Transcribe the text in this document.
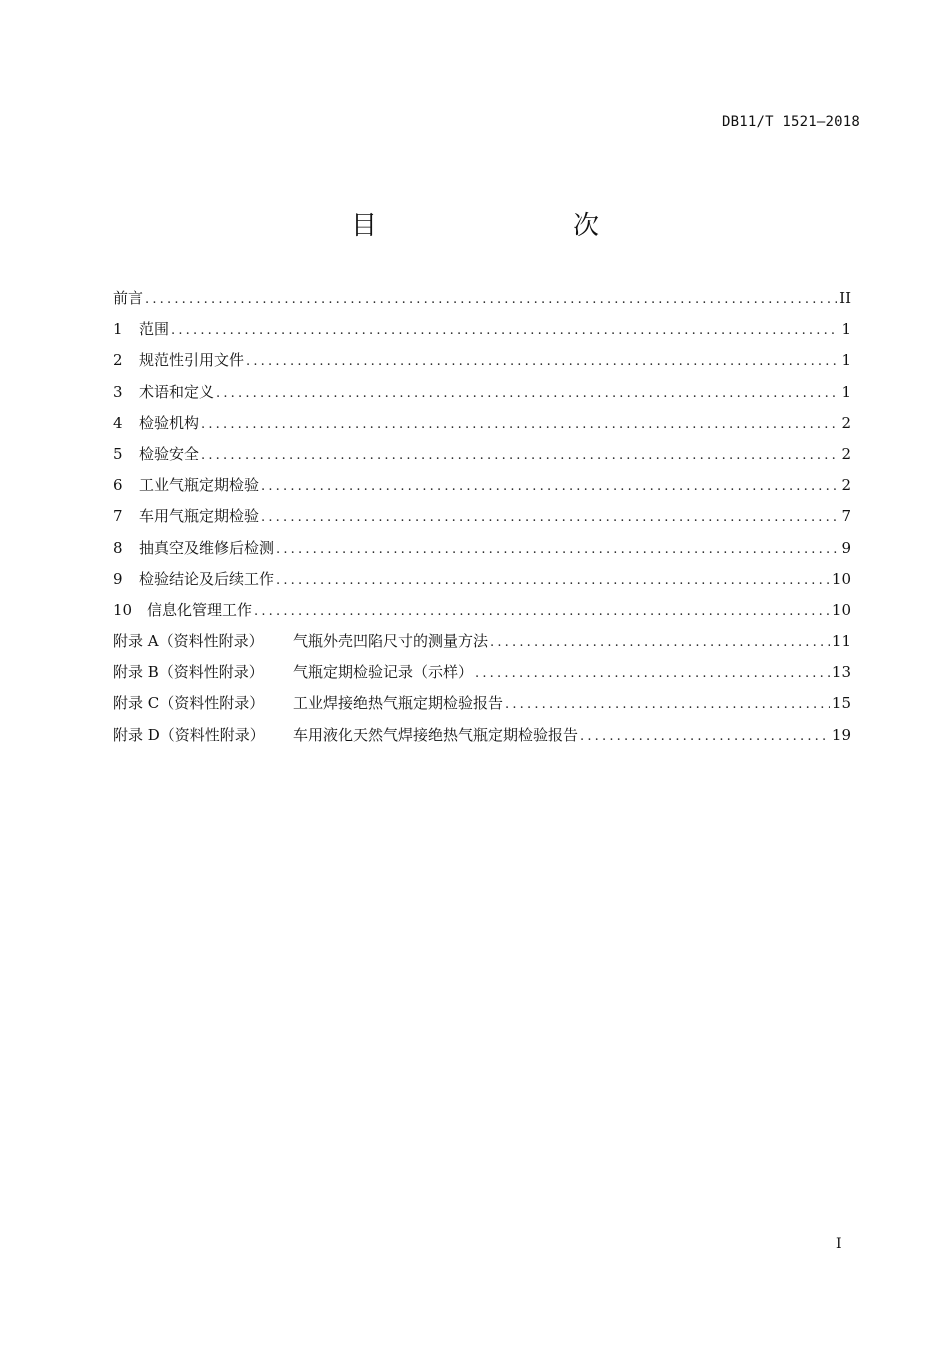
DB11/T 1521—2018
目　　次
前言 .....	II
1	范围 .....	1
2	规范性引用文件 .....	1
3	术语和定义 .....	1
4	检验机构 .....	2
5	检验安全 .....	2
6	工业气瓶定期检验 .....	2
7	车用气瓶定期检验 .....	7
8	抽真空及维修后检测 .....	9
9	检验结论及后续工作 .....	10
10 信息化管理工作 .....	10
附录 A（资料性附录）	气瓶外壳凹陷尺寸的测量方法 .....	11
附录 B（资料性附录）	气瓶定期检验记录（示样） .....	13
附录 C（资料性附录）	工业焊接绝热气瓶定期检验报告 .....	15
附录 D（资料性附录）	车用液化天然气焊接绝热气瓶定期检验报告 .....	19
I
